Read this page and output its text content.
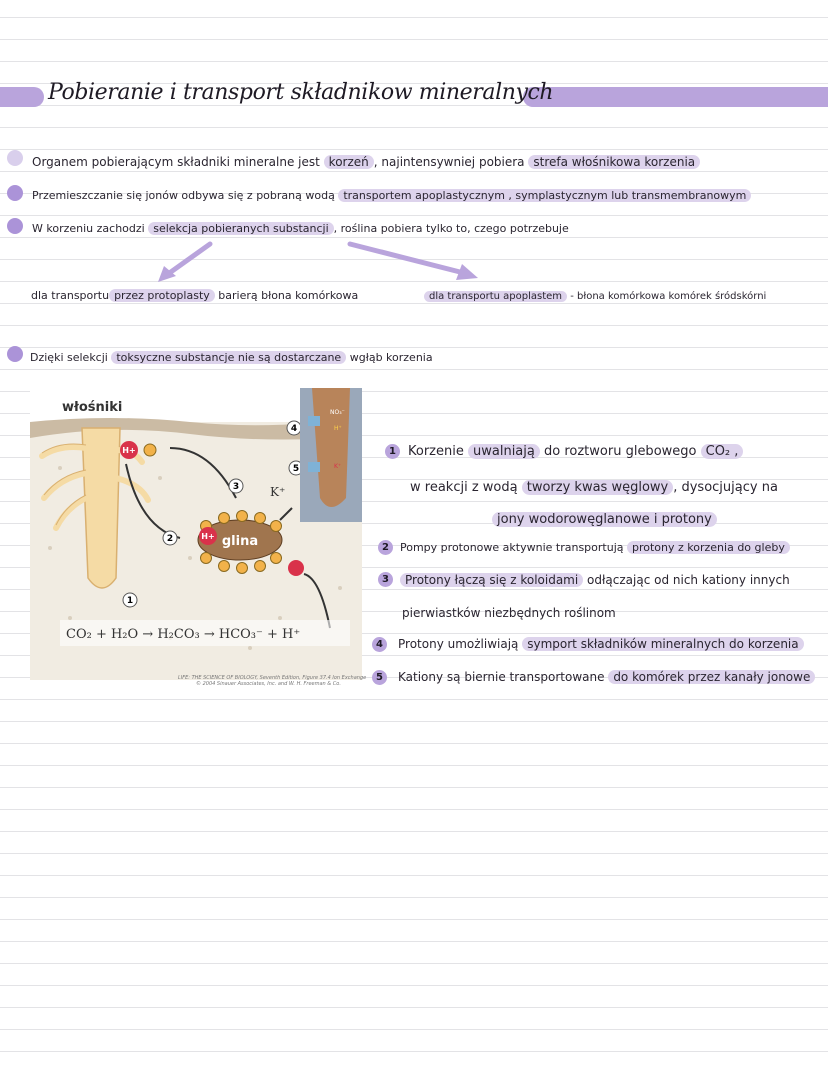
Pobieranie i transport składnikow mineralnych
Organem pobierającym składniki mineralne jest korzeń , najintensywniej pobiera strefa włośnikowa korzenia
Przemieszczanie się jonów odbywa się z pobraną wodą transportem apoplastycznym , symplastycznym lub transmembranowym
W korzeniu zachodzi selekcja pobieranych substancji , roślina pobiera tylko to, czego potrzebuje
dla transportu przez protoplasty barierą błona komórkowa	dla transportu apoplastem - błona komórkowa komórek śródskórni
Dzięki selekcji toksyczne substancje nie są dostarczane wgłąb korzenia
H+
glina
H+
K⁺
1
2
3
4
5
NO₃⁻
H⁺
K⁺
CO₂ + H₂O → H₂CO₃ → HCO₃⁻ + H⁺
włośniki
LIFE: THE SCIENCE OF BIOLOGY, Seventh Edition, Figure 37.4 Ion Exchange
© 2004 Sinauer Associates, Inc. and W. H. Freeman & Co.
1 Korzenie uwalniają do roztworu glebowego CO₂ ,
w reakcji z wodą tworzy kwas węglowy , dysocjujący na
jony wodorowęglanowe i protony
2	Pompy protonowe aktywnie transportują protony z korzenia do gleby
3	Protony łączą się z koloidami odłączając od nich kationy innych
pierwiastków niezbędnych roślinom
4	Protony umożliwiają symport składników mineralnych do korzenia
5	Kationy są biernie transportowane do komórek przez kanały jonowe
